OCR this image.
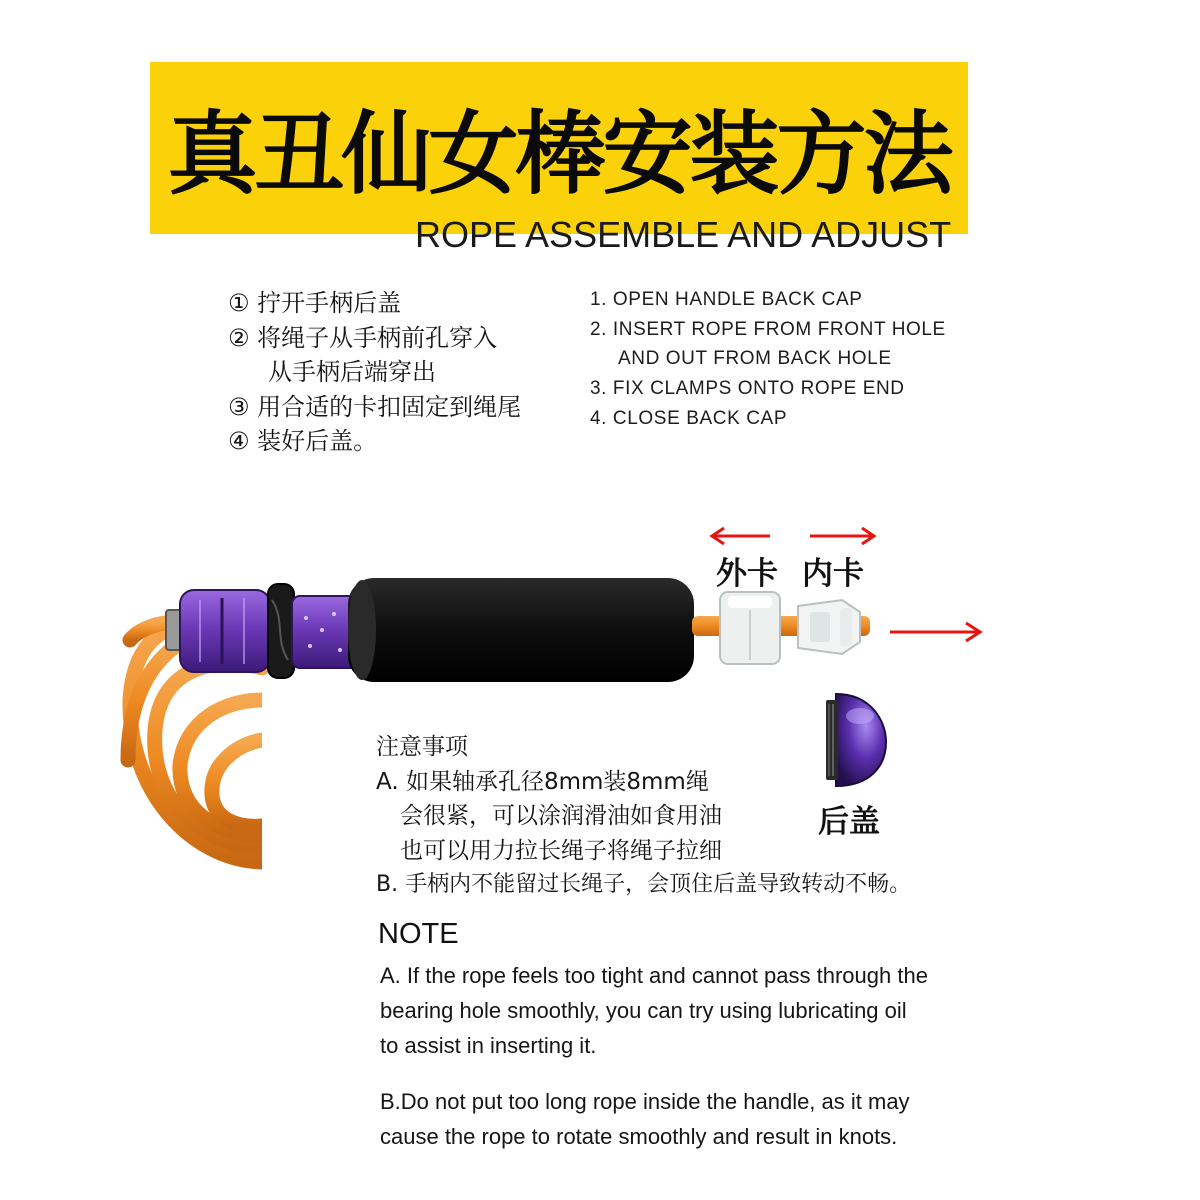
真丑仙女棒安装方法
ROPE ASSEMBLE AND ADJUST
① 拧开手柄后盖
② 将绳子从手柄前孔穿入
从手柄后端穿出
③ 用合适的卡扣固定到绳尾
④ 装好后盖。
1. OPEN HANDLE BACK CAP
2. INSERT ROPE FROM FRONT HOLE
AND OUT FROM BACK HOLE
3. FIX CLAMPS ONTO ROPE END
4. CLOSE BACK CAP
外卡 内卡
后盖
注意事项
A. 如果轴承孔径8mm装8mm绳
会很紧，可以涂润滑油如食用油
也可以用力拉长绳子将绳子拉细
B. 手柄内不能留过长绳子，会顶住后盖导致转动不畅。
NOTE
A. If the rope feels too tight and cannot pass through the
bearing hole smoothly, you can try using lubricating oil
to assist in inserting it.
B.Do not put too long rope inside the handle, as it may
cause the rope to rotate smoothly and result in knots.
